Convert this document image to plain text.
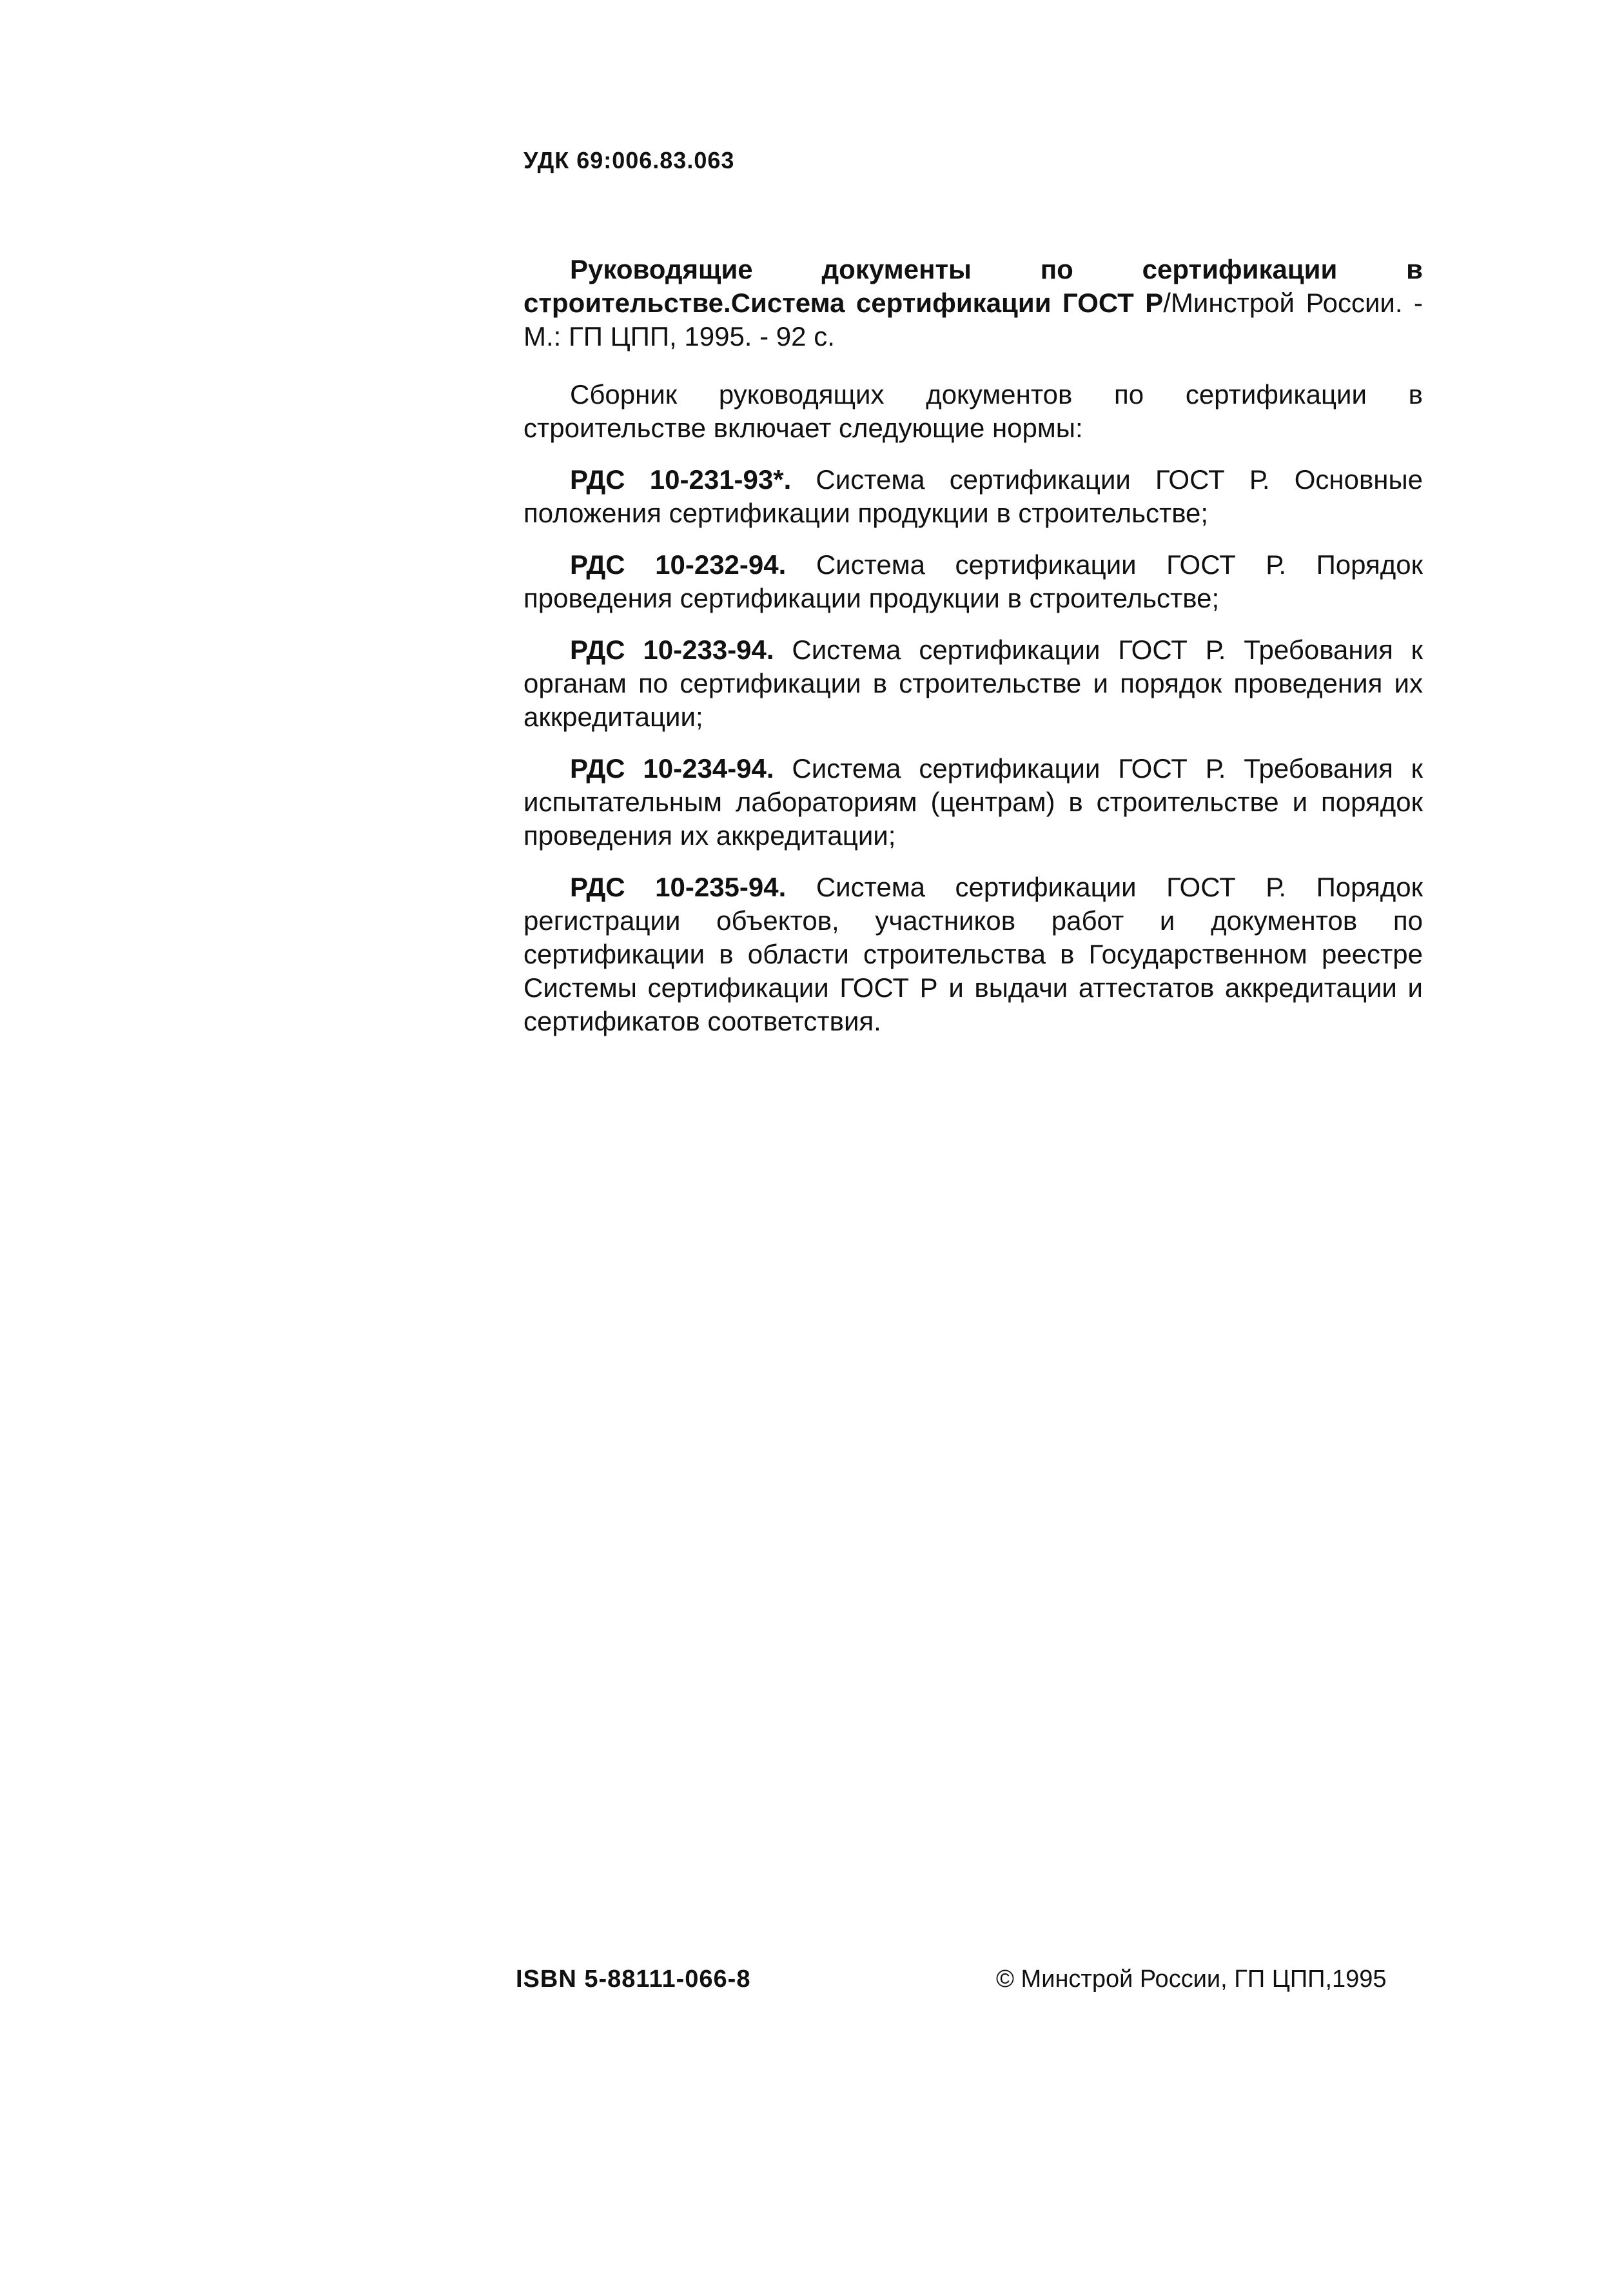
УДК 69:006.83.063

Руководящие документы по сертификации в строительстве.Система сертификации ГОСТ Р/Минстрой России. - М.: ГП ЦПП, 1995. - 92 с.

Сборник руководящих документов по сертификации в строительстве включает следующие нормы:

РДС 10-231-93*. Система сертификации ГОСТ Р. Основные положения сертификации продукции в строительстве;

РДС 10-232-94. Система сертификации ГОСТ Р. Порядок проведения сертификации продукции в строительстве;

РДС 10-233-94. Система сертификации ГОСТ Р. Требования к органам по сертификации в строительстве и порядок проведения их аккредитации;

РДС 10-234-94. Система сертификации ГОСТ Р. Требования к испытательным лабораториям (центрам) в строительстве и порядок проведения их аккредитации;

РДС 10-235-94. Система сертификации ГОСТ Р. Порядок регистрации объектов, участников работ и документов по сертификации в области строительства в Государственном реестре Системы сертификации ГОСТ Р и выдачи аттестатов аккредитации и сертификатов соответствия.

ISBN 5-88111-066-8	© Минстрой России, ГП ЦПП,1995
